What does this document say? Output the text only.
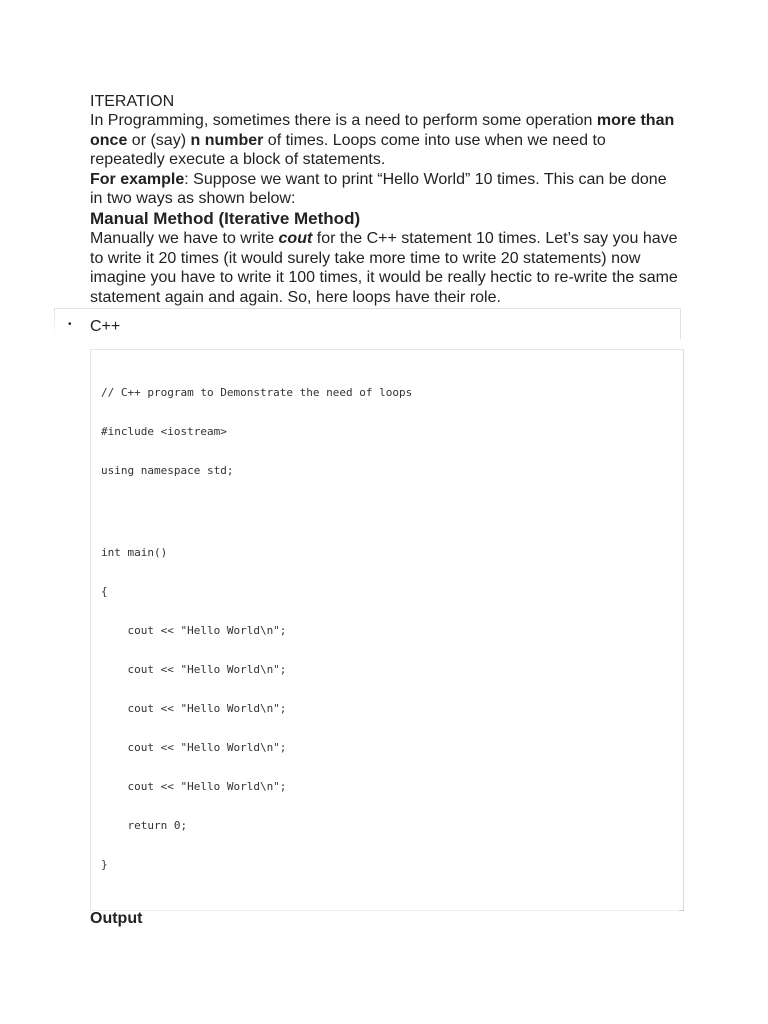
ITERATION

In Programming, sometimes there is a need to perform some operation more than once or (say) n number of times. Loops come into use when we need to repeatedly execute a block of statements.

For example: Suppose we want to print “Hello World” 10 times. This can be done in two ways as shown below:

Manual Method (Iterative Method)

Manually we have to write cout for the C++ statement 10 times. Let’s say you have to write it 20 times (it would surely take more time to write 20 statements) now imagine you have to write it 100 times, it would be really hectic to re-write the same statement again and again. So, here loops have their role.

• C++
// C++ program to Demonstrate the need of loops
#include <iostream>
using namespace std;
int main()
{
cout << "Hello World\n";
cout << "Hello World\n";
cout << "Hello World\n";
cout << "Hello World\n";
cout << "Hello World\n";
return 0;
}
Output
